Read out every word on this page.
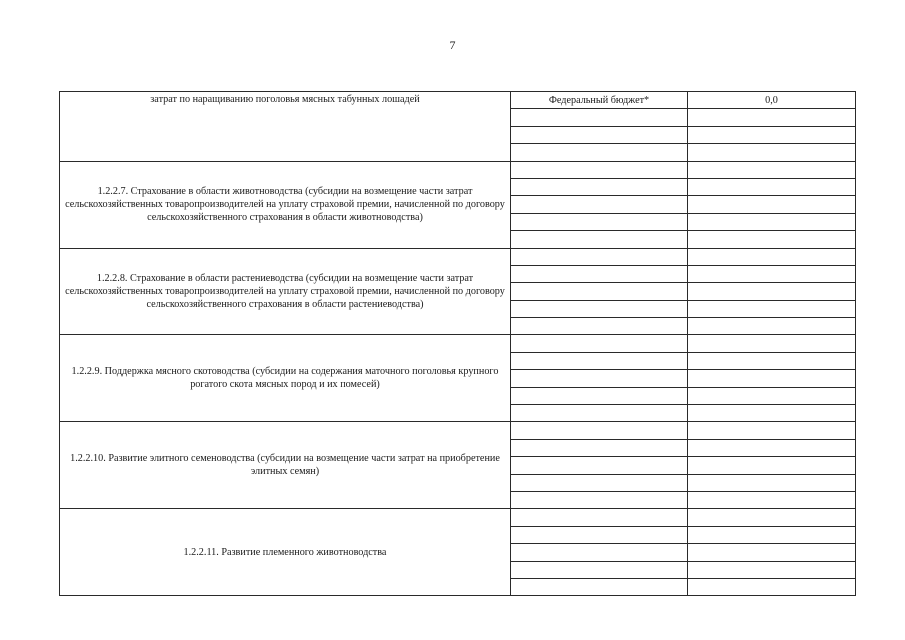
7
затрат по наращиванию поголовья мясных табунных лошадей	Федеральный бюджет*	0,0

1.2.2.7. Страхование в области животноводства (субсидии на возмещение части затрат сельскохозяйственных товаропроизводителей на уплату страховой премии, начисленной по договору сельскохозяйственного страхования в области животноводства)		

1.2.2.8. Страхование в области растениеводства (субсидии на возмещение части затрат сельскохозяйственных товаропроизводителей на уплату страховой премии, начисленной по договору сельскохозяйственного страхования в области растениеводства)		

1.2.2.9. Поддержка мясного скотоводства (субсидии на содержания маточного поголовья крупного рогатого скота мясных пород и их помесей)		

1.2.2.10. Развитие элитного семеноводства (субсидии на возмещение части затрат на приобретение элитных семян)		

1.2.2.11. Развитие племенного животноводства		
